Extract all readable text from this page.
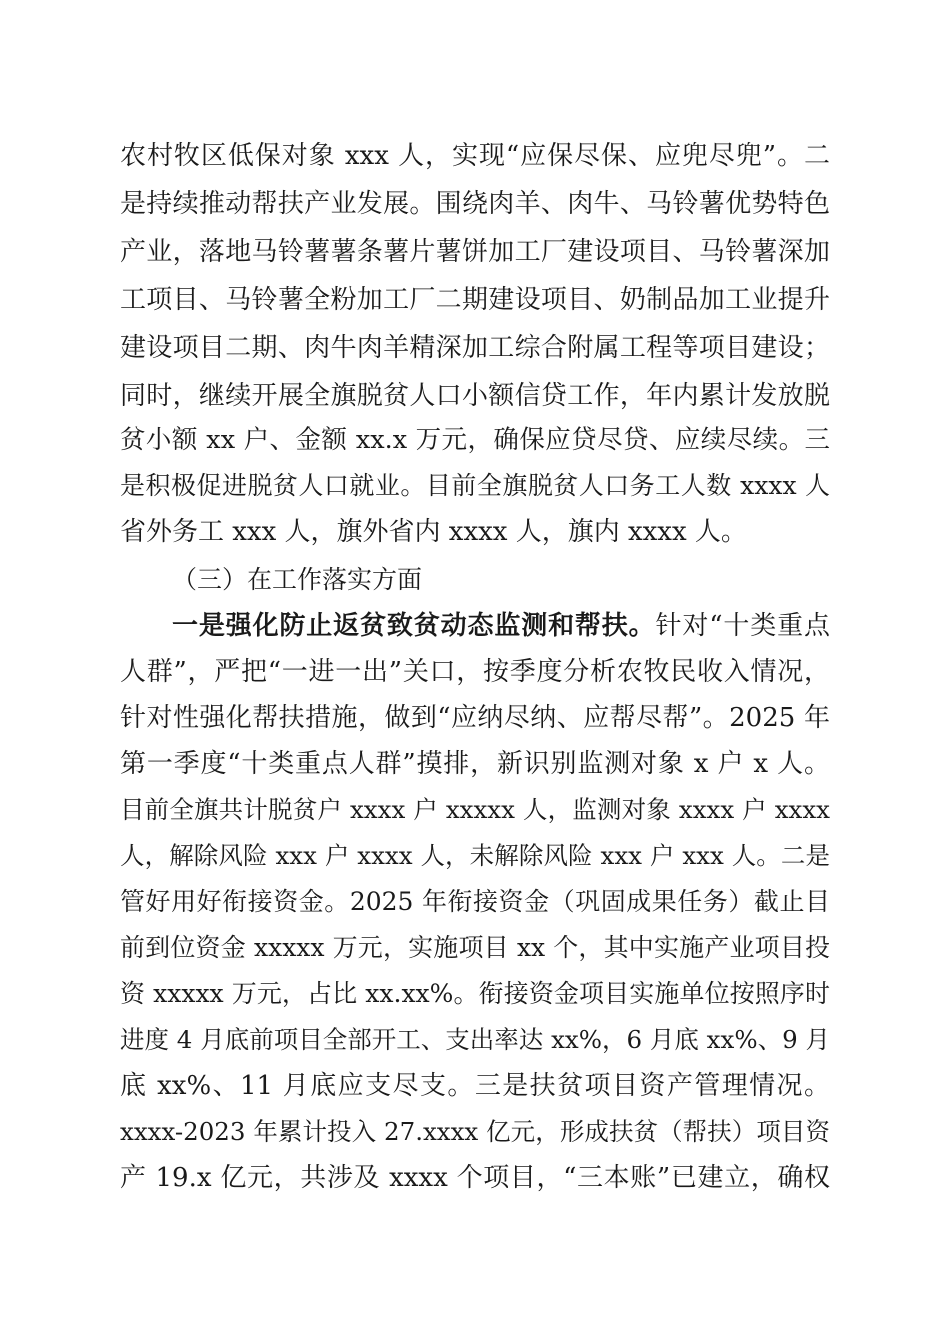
农村牧区低保对象 xxx 人，实现“应保尽保、应兜尽兜”。二
是持续推动帮扶产业发展。围绕肉羊、肉牛、马铃薯优势特色
产业，落地马铃薯薯条薯片薯饼加工厂建设项目、马铃薯深加
工项目、马铃薯全粉加工厂二期建设项目、奶制品加工业提升
建设项目二期、肉牛肉羊精深加工综合附属工程等项目建设；
同时，继续开展全旗脱贫人口小额信贷工作，年内累计发放脱
贫小额 xx 户、金额 xx.x 万元，确保应贷尽贷、应续尽续。三
是积极促进脱贫人口就业。目前全旗脱贫人口务工人数 xxxx 人
省外务工 xxx 人，旗外省内 xxxx 人，旗内 xxxx 人。
（三）在工作落实方面
一是强化防止返贫致贫动态监测和帮扶。针对“十类重点
人群”，严把“一进一出”关口，按季度分析农牧民收入情况，
针对性强化帮扶措施，做到“应纳尽纳、应帮尽帮”。2025 年
第一季度“十类重点人群”摸排，新识别监测对象 x 户 x 人。
目前全旗共计脱贫户 xxxx 户 xxxxx 人，监测对象 xxxx 户 xxxx
人，解除风险 xxx 户 xxxx 人，未解除风险 xxx 户 xxx 人。二是
管好用好衔接资金。2025 年衔接资金（巩固成果任务）截止目
前到位资金 xxxxx 万元，实施项目 xx 个，其中实施产业项目投
资 xxxxx 万元，占比 xx.xx%。衔接资金项目实施单位按照序时
进度 4 月底前项目全部开工、支出率达 xx%，6 月底 xx%、9 月
底 xx%、11 月底应支尽支。三是扶贫项目资产管理情况。
xxxx-2023 年累计投入 27.xxxx 亿元，形成扶贫（帮扶）项目资
产 19.x 亿元，共涉及 xxxx 个项目，“三本账”已建立，确权
